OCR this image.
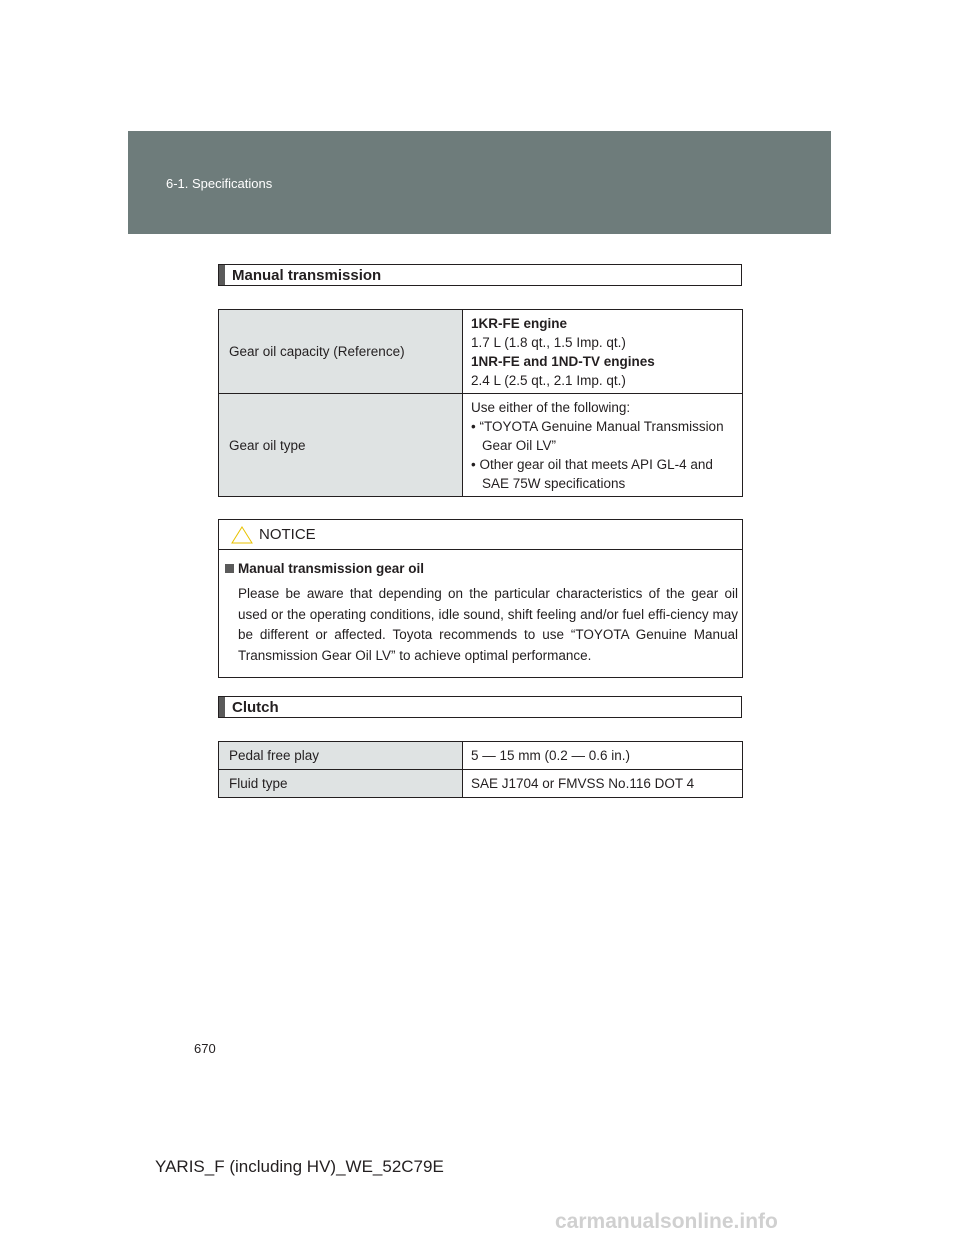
6-1. Specifications
Manual transmission
Gear oil capacity (Reference)	1KR-FE engine
1.7 L (1.8 qt., 1.5 Imp. qt.)
1NR-FE and 1ND-TV engines
2.4 L (2.5 qt., 2.1 Imp. qt.)

Gear oil type	Use either of the following:
• “TOYOTA Genuine Manual Transmission Gear Oil LV”
• Other gear oil that meets API GL-4 and SAE 75W specifications
NOTICE
Manual transmission gear oil
Please be aware that depending on the particular characteristics of the gear oil used or the operating conditions, idle sound, shift feeling and/or fuel effi-ciency may be different or affected. Toyota recommends to use “TOYOTA Genuine Manual Transmission Gear Oil LV” to achieve optimal performance.
Clutch
Pedal free play	5 — 15 mm (0.2 — 0.6 in.)
Fluid type	SAE J1704 or FMVSS No.116 DOT 4
670
YARIS_F (including HV)_WE_52C79E
carmanualsonline.info
